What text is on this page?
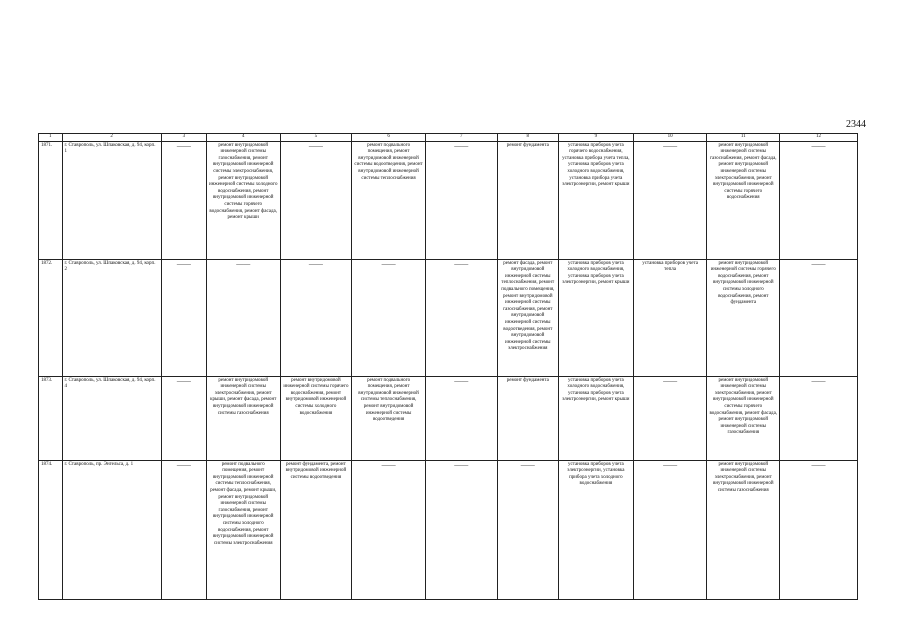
2344
1	2	3	4	5	6	7	8	9	10	11	12
1871.	г. Ставрополь, ул. Шпаковская, д. 94, корп. 1	——	ремонт внутридомовой инженерной системы газоснабжения, ремонт внутридомовой инженерной системы электроснабжения, ремонт внутридомовой инженерной системы холодного водоснабжения, ремонт внутридомовой инженерной системы горячего водоснабжения, ремонт фасада, ремонт крыши	——	ремонт подвального помещения, ремонт внутридомовой инженерной системы водоотведения, ремонт внутридомовой инженерной системы теплоснабжения	——	ремонт фундамента	установка приборов учета горячего водоснабжения, установка прибора учета тепла, установка приборов учета холодного водоснабжения, установка прибора учета электроэнергии, ремонт крыши	——	ремонт внутридомовой инженерной системы газоснабжения, ремонт фасада, ремонт внутридомовой инженерной системы электроснабжения, ремонт внутридомовой инженерной системы горячего водоснабжения	——

1872.	г. Ставрополь, ул. Шпаковская, д. 94, корп. 2	——	——	——	——	——	ремонт фасада, ремонт внутридомовой инженерной системы теплоснабжения, ремонт подвального помещения, ремонт внутридомовой инженерной системы газоснабжения, ремонт внутридомовой инженерной системы водоотведения, ремонт внутридомовой инженерной системы электроснабжения	установка приборов учета холодного водоснабжения, установка приборов учета электроэнергии, ремонт крыши	установка приборов учета тепла	ремонт внутридомовой инженерной системы горячего водоснабжения, ремонт внутридомовой инженерной системы холодного водоснабжения, ремонт фундамента	——

1873.	г. Ставрополь, ул. Шпаковская, д. 94, корп. 4	——	ремонт внутридомовой инженерной системы электроснабжения, ремонт крыши, ремонт фасада, ремонт внутридомовой инженерной системы газоснабжения	ремонт внутридомовой инженерной системы горячего водоснабжения, ремонт внутридомовой инженерной системы холодного водоснабжения	ремонт подвального помещения, ремонт внутридомовой инженерной системы теплоснабжения, ремонт внутридомовой инженерной системы водоотведения	——	ремонт фундамента	установка приборов учета холодного водоснабжения, установка приборов учета электроэнергии, ремонт крыши	——	ремонт внутридомовой инженерной системы электроснабжения, ремонт внутридомовой инженерной системы горячего водоснабжения, ремонт фасада, ремонт внутридомовой инженерной системы газоснабжения	——

1874.	г. Ставрополь, пр. Энгельса, д. 1	——	ремонт подвального помещения, ремонт внутридомовой инженерной системы теплоснабжения, ремонт фасада, ремонт крыши, ремонт внутридомовой инженерной системы газоснабжения, ремонт внутридомовой инженерной системы холодного водоснабжения, ремонт внутридомовой инженерной системы электроснабжения	ремонт фундамента, ремонт внутридомовой инженерной системы водоотведения	——	——	——	установка приборов учета электроэнергии, установка прибора учета холодного водоснабжения	——	ремонт внутридомовой инженерной системы электроснабжения, ремонт внутридомовой инженерной системы газоснабжения	——
